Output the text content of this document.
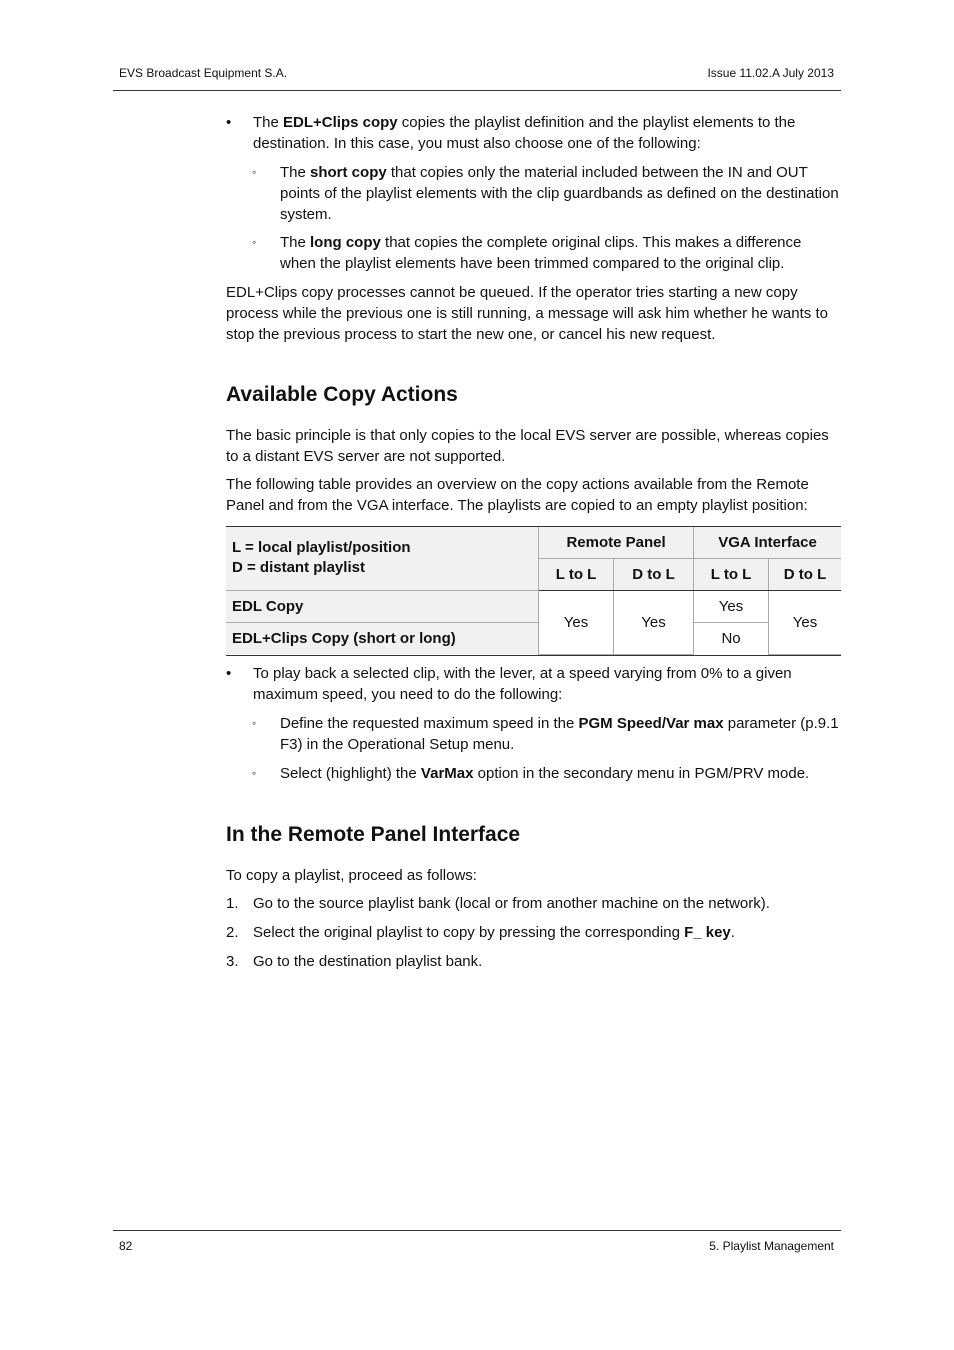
EVS Broadcast Equipment S.A.	Issue 11.02.A July 2013
• The EDL+Clips copy copies the playlist definition and the playlist elements to the destination. In this case, you must also choose one of the following:

◦ The short copy that copies only the material included between the IN and OUT points of the playlist elements with the clip guardbands as defined on the destination system.

◦ The long copy that copies the complete original clips. This makes a difference when the playlist elements have been trimmed compared to the original clip.

EDL+Clips copy processes cannot be queued. If the operator tries starting a new copy process while the previous one is still running, a message will ask him whether he wants to stop the previous process to start the new one, or cancel his new request.

Available Copy Actions

The basic principle is that only copies to the local EVS server are possible, whereas copies to a distant EVS server are not supported.

The following table provides an overview on the copy actions available from the Remote Panel and from the VGA interface. The playlists are copied to an empty playlist position:

L = local playlist/position
D = distant playlist	Remote Panel		VGA Interface	
	L to L	D to L	L to L	D to L
EDL Copy	Yes	Yes	Yes	Yes
EDL+Clips Copy (short or long)			No	
• To play back a selected clip, with the lever, at a speed varying from 0% to a given maximum speed, you need to do the following:

◦ Define the requested maximum speed in the PGM Speed/Var max parameter (p.9.1 F3) in the Operational Setup menu.

◦ Select (highlight) the VarMax option in the secondary menu in PGM/PRV mode.

In the Remote Panel Interface

To copy a playlist, proceed as follows:

1. Go to the source playlist bank (local or from another machine on the network).

2. Select the original playlist to copy by pressing the corresponding F_ key.

3. Go to the destination playlist bank.

82	5. Playlist Management
